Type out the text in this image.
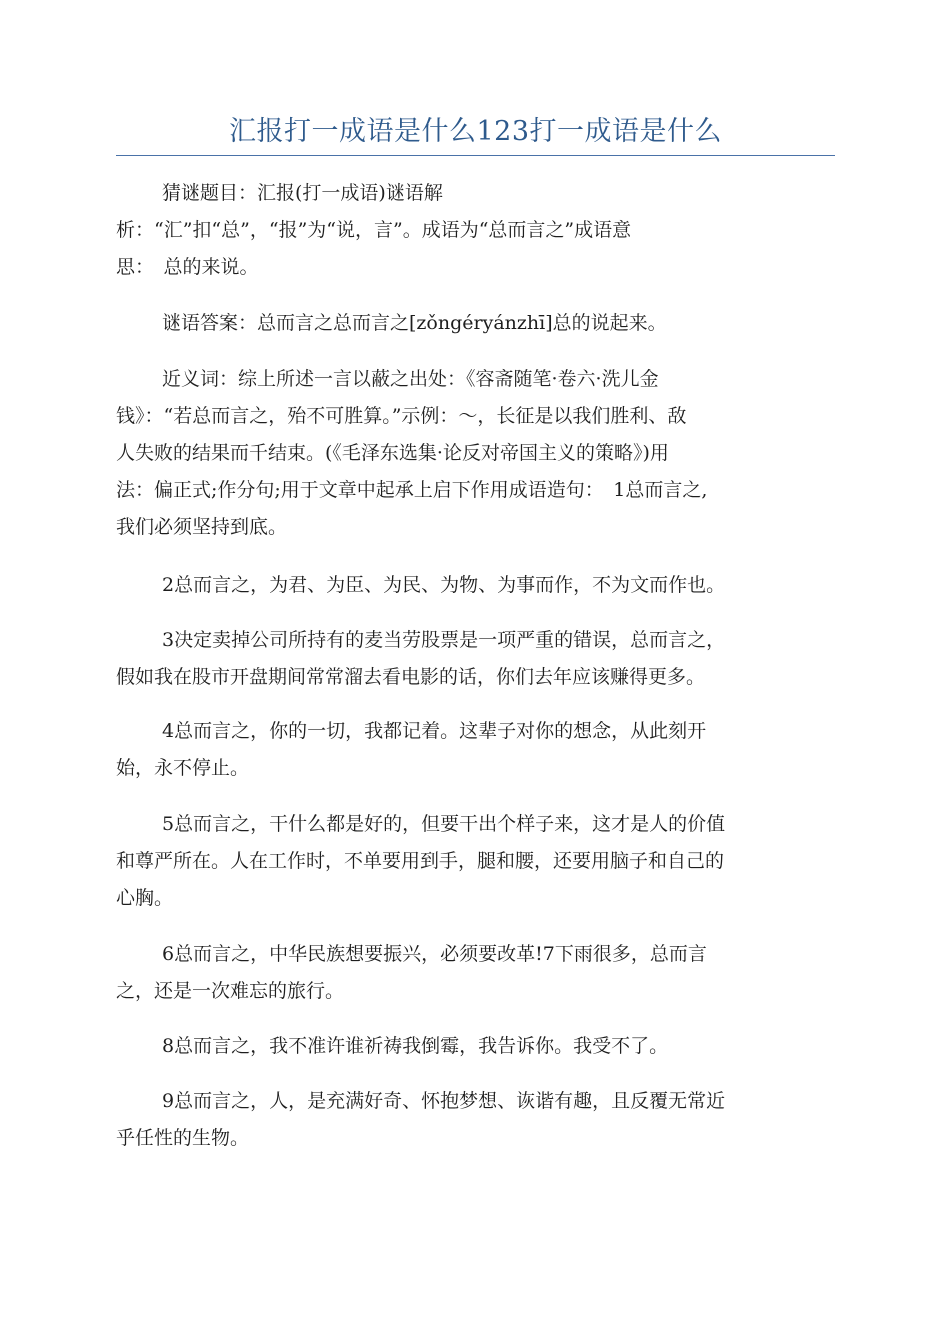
汇报打一成语是什么123打一成语是什么
猜谜题目：汇报(打一成语)谜语解
析：“汇”扣“总”，“报”为“说，言”。成语为“总而言之”成语意
思：　总的来说。
谜语答案：总而言之总而言之[zǒngéryánzhī]总的说起来。
近义词：综上所述一言以蔽之出处：《容斋随笔·卷六·洗儿金
钱》：“若总而言之，殆不可胜算。”示例：～，长征是以我们胜利、敌
人失败的结果而千结束。(《毛泽东选集·论反对帝国主义的策略》)用
法：偏正式;作分句;用于文章中起承上启下作用成语造句：　1总而言之,
我们必须坚持到底。
2总而言之，为君、为臣、为民、为物、为事而作，不为文而作也。
3决定卖掉公司所持有的麦当劳股票是一项严重的错误，总而言之，
假如我在股市开盘期间常常溜去看电影的话，你们去年应该赚得更多。
4总而言之，你的一切，我都记着。这辈子对你的想念，从此刻开
始，永不停止。
5总而言之，干什么都是好的，但要干出个样子来，这才是人的价值
和尊严所在。人在工作时，不单要用到手，腿和腰，还要用脑子和自己的
心胸。
6总而言之，中华民族想要振兴，必须要改革!7下雨很多，总而言
之，还是一次难忘的旅行。
8总而言之，我不准许谁祈祷我倒霉，我告诉你。我受不了。
9总而言之，人，是充满好奇、怀抱梦想、诙谐有趣，且反覆无常近
乎任性的生物。
